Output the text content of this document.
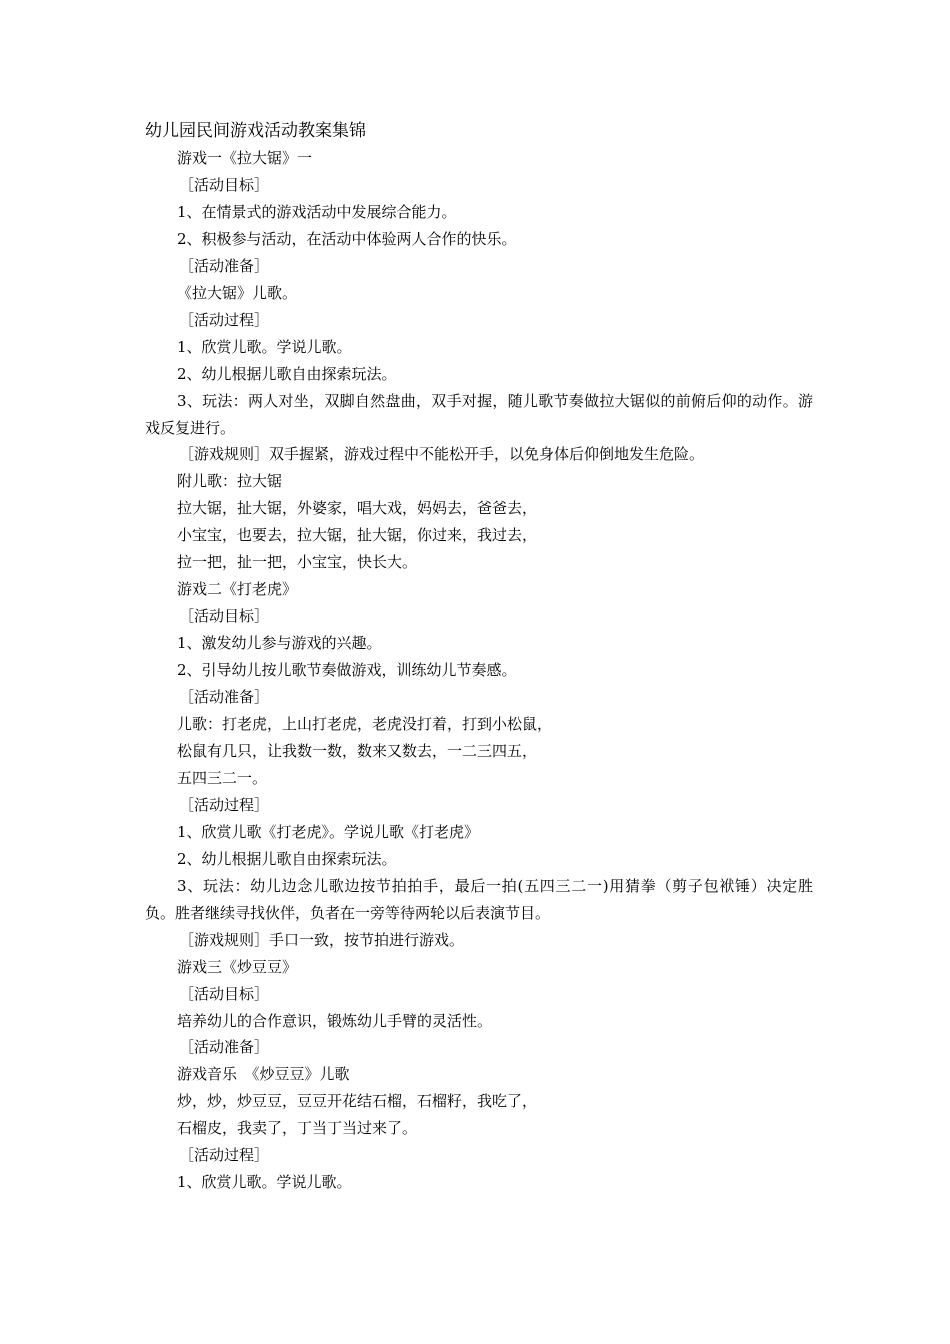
幼儿园民间游戏活动教案集锦

游戏一《拉大锯》一

［活动目标］

1、在情景式的游戏活动中发展综合能力。

2、积极参与活动，在活动中体验两人合作的快乐。

［活动准备］

《拉大锯》儿歌。

［活动过程］

1、欣赏儿歌。学说儿歌。

2、幼儿根据儿歌自由探索玩法。

3、玩法：两人对坐，双脚自然盘曲，双手对握，随儿歌节奏做拉大锯似的前俯后仰的动作。游戏反复进行。

［游戏规则］双手握紧，游戏过程中不能松开手，以免身体后仰倒地发生危险。

附儿歌：拉大锯

拉大锯，扯大锯，外婆家，唱大戏，妈妈去，爸爸去，

小宝宝，也要去，拉大锯，扯大锯，你过来，我过去，

拉一把，扯一把，小宝宝，快长大。

游戏二《打老虎》

［活动目标］

1、激发幼儿参与游戏的兴趣。

2、引导幼儿按儿歌节奏做游戏，训练幼儿节奏感。

［活动准备］

儿歌：打老虎，上山打老虎，老虎没打着，打到小松鼠，

松鼠有几只，让我数一数，数来又数去，一二三四五，

五四三二一。

［活动过程］

1、欣赏儿歌《打老虎》。学说儿歌《打老虎》

2、幼儿根据儿歌自由探索玩法。

3、玩法：幼儿边念儿歌边按节拍拍手，最后一拍(五四三二一)用猜拳（剪子包袱锤）决定胜负。胜者继续寻找伙伴，负者在一旁等待两轮以后表演节目。

［游戏规则］手口一致，按节拍进行游戏。

游戏三《炒豆豆》

［活动目标］

培养幼儿的合作意识，锻炼幼儿手臂的灵活性。

［活动准备］

游戏音乐　《炒豆豆》儿歌

炒，炒，炒豆豆，豆豆开花结石榴，石榴籽，我吃了，

石榴皮，我卖了，丁当丁当过来了。

［活动过程］

1、欣赏儿歌。学说儿歌。
